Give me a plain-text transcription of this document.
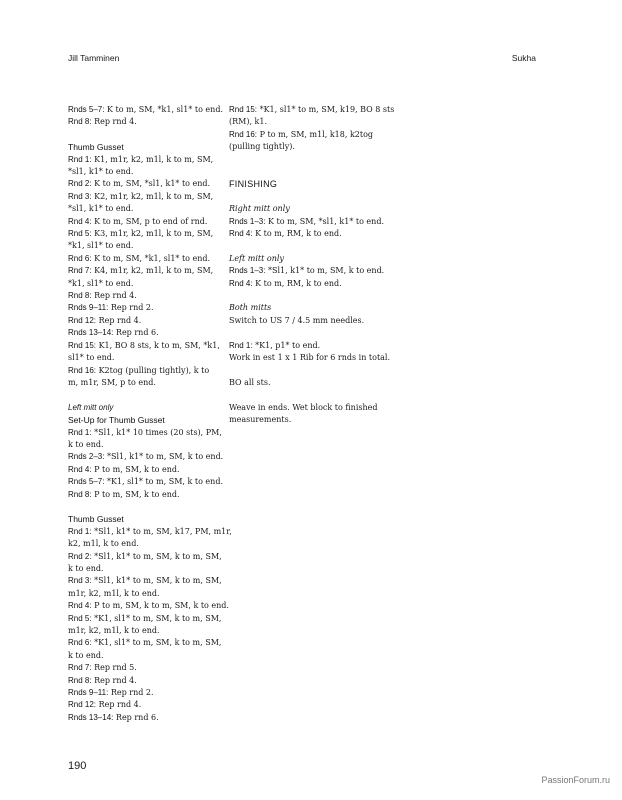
Jill Tamminen	Sukha
Rnds 5–7: K to m, SM, *k1, sl1* to end.
Rnd 8: Rep rnd 4.
Thumb Gusset
Rnd 1: K1, m1r, k2, m1l, k to m, SM,
*sl1, k1* to end.
Rnd 2: K to m, SM, *sl1, k1* to end.
Rnd 3: K2, m1r, k2, m1l, k to m, SM,
*sl1, k1* to end.
Rnd 4: K to m, SM, p to end of rnd.
Rnd 5: K3, m1r, k2, m1l, k to m, SM,
*k1, sl1* to end.
Rnd 6: K to m, SM, *k1, sl1* to end.
Rnd 7: K4, m1r, k2, m1l, k to m, SM,
*k1, sl1* to end.
Rnd 8: Rep rnd 4.
Rnds 9–11: Rep rnd 2.
Rnd 12: Rep rnd 4.
Rnds 13–14: Rep rnd 6.
Rnd 15: K1, BO 8 sts, k to m, SM, *k1,
sl1* to end.
Rnd 16: K2tog (pulling tightly), k to
m, m1r, SM, p to end.
Left mitt only
Set-Up for Thumb Gusset
Rnd 1: *Sl1, k1* 10 times (20 sts), PM,
k to end.
Rnds 2–3: *Sl1, k1* to m, SM, k to end.
Rnd 4: P to m, SM, k to end.
Rnds 5–7: *K1, sl1* to m, SM, k to end.
Rnd 8: P to m, SM, k to end.
Thumb Gusset
Rnd 1: *Sl1, k1* to m, SM, k17, PM, m1r,
k2, m1l, k to end.
Rnd 2: *Sl1, k1* to m, SM, k to m, SM,
k to end.
Rnd 3: *Sl1, k1* to m, SM, k to m, SM,
m1r, k2, m1l, k to end.
Rnd 4: P to m, SM, k to m, SM, k to end.
Rnd 5: *K1, sl1* to m, SM, k to m, SM,
m1r, k2, m1l, k to end.
Rnd 6: *K1, sl1* to m, SM, k to m, SM,
k to end.
Rnd 7: Rep rnd 5.
Rnd 8: Rep rnd 4.
Rnds 9–11: Rep rnd 2.
Rnd 12: Rep rnd 4.
Rnds 13–14: Rep rnd 6.
Rnd 15: *K1, sl1* to m, SM, k19, BO 8 sts
(RM), k1.
Rnd 16: P to m, SM, m1l, k18, k2tog
(pulling tightly).
FINISHING
Right mitt only
Rnds 1–3: K to m, SM, *sl1, k1* to end.
Rnd 4: K to m, RM, k to end.
Left mitt only
Rnds 1–3: *Sl1, k1* to m, SM, k to end.
Rnd 4: K to m, RM, k to end.
Both mitts
Switch to US 7 / 4.5 mm needles.
Rnd 1: *K1, p1* to end.
Work in est 1 x 1 Rib for 6 rnds in total.
BO all sts.
Weave in ends. Wet block to finished
measurements.
190
PassionForum.ru
